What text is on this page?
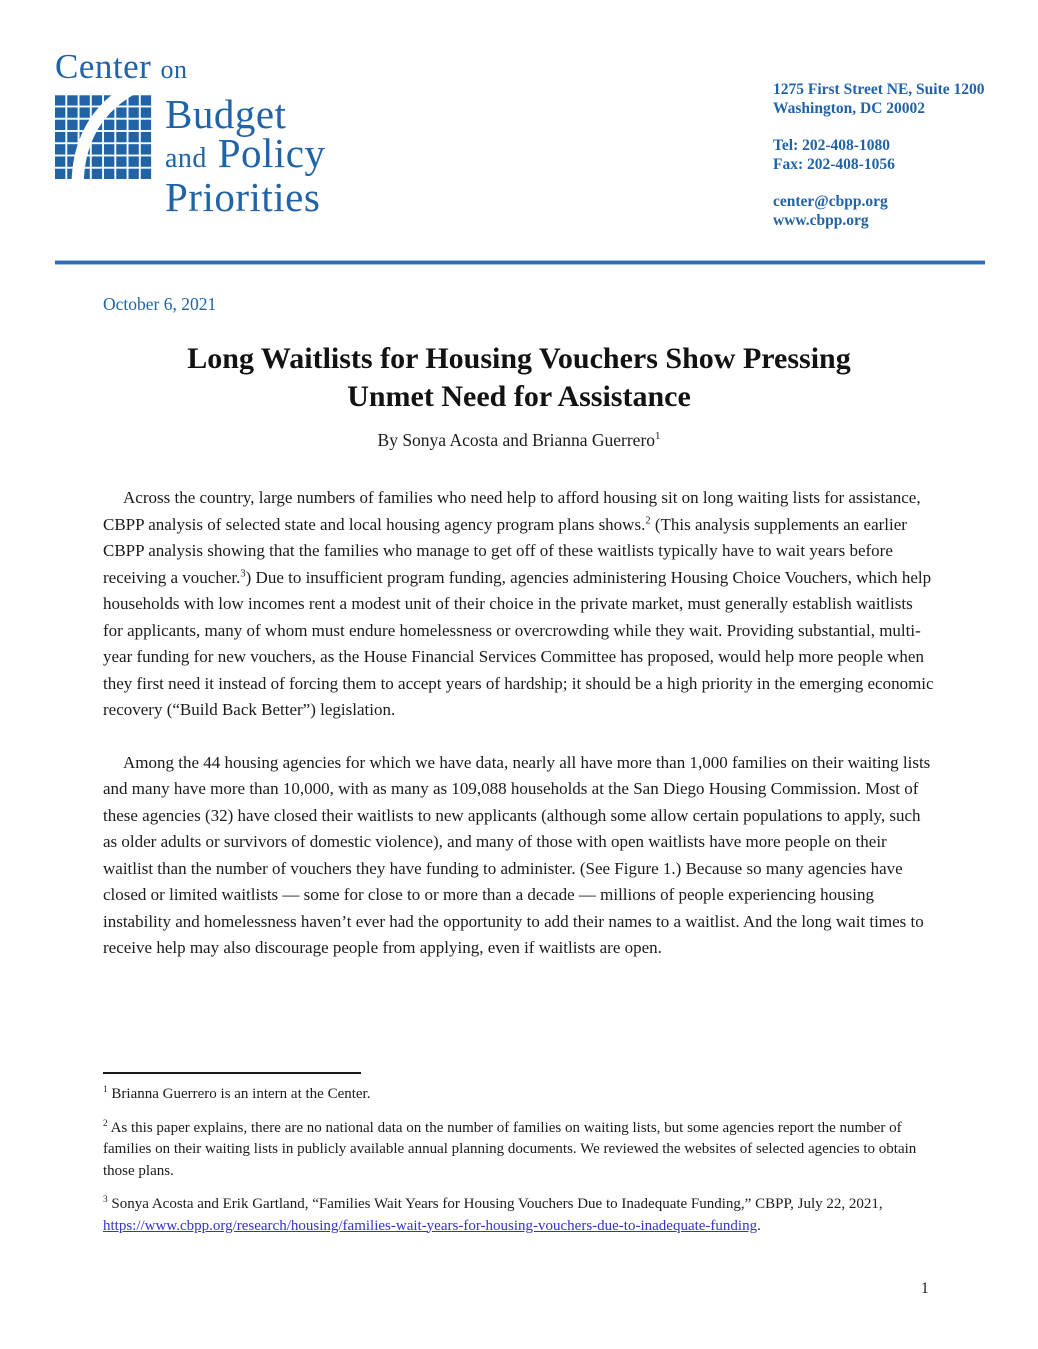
Center on
Budget
and Policy
Priorities
1275 First Street NE, Suite 1200
Washington, DC 20002
Tel: 202-408-1080
Fax: 202-408-1056
center@cbpp.org
www.cbpp.org
October 6, 2021
Long Waitlists for Housing Vouchers Show Pressing
Unmet Need for Assistance
By Sonya Acosta and Brianna Guerrero$^1$

Across the country, large numbers of families who need help to afford housing sit on long waiting lists for assistance, CBPP analysis of selected state and local housing agency program plans shows.$^2$ (This analysis supplements an earlier CBPP analysis showing that the families who manage to get off of these waitlists typically have to wait years before receiving a voucher.$^3$) Due to insufficient program funding, agencies administering Housing Choice Vouchers, which help households with low incomes rent a modest unit of their choice in the private market, must generally establish waitlists for applicants, many of whom must endure homelessness or overcrowding while they wait. Providing substantial, multi-year funding for new vouchers, as the House Financial Services Committee has proposed, would help more people when they first need it instead of forcing them to accept years of hardship; it should be a high priority in the emerging economic recovery (“Build Back Better”) legislation.

Among the 44 housing agencies for which we have data, nearly all have more than 1,000 families on their waiting lists and many have more than 10,000, with as many as 109,088 households at the San Diego Housing Commission. Most of these agencies (32) have closed their waitlists to new applicants (although some allow certain populations to apply, such as older adults or survivors of domestic violence), and many of those with open waitlists have more people on their waitlist than the number of vouchers they have funding to administer. (See Figure 1.) Because so many agencies have closed or limited waitlists — some for close to or more than a decade — millions of people experiencing housing instability and homelessness haven’t ever had the opportunity to add their names to a waitlist. And the long wait times to receive help may also discourage people from applying, even if waitlists are open.

$^1$ Brianna Guerrero is an intern at the Center.
$^2$ As this paper explains, there are no national data on the number of families on waiting lists, but some agencies report the number of families on their waiting lists in publicly available annual planning documents. We reviewed the websites of selected agencies to obtain those plans.
$^3$ Sonya Acosta and Erik Gartland, “Families Wait Years for Housing Vouchers Due to Inadequate Funding,” CBPP, July 22, 2021, https://www.cbpp.org/research/housing/families-wait-years-for-housing-vouchers-due-to-inadequate-funding.
1
